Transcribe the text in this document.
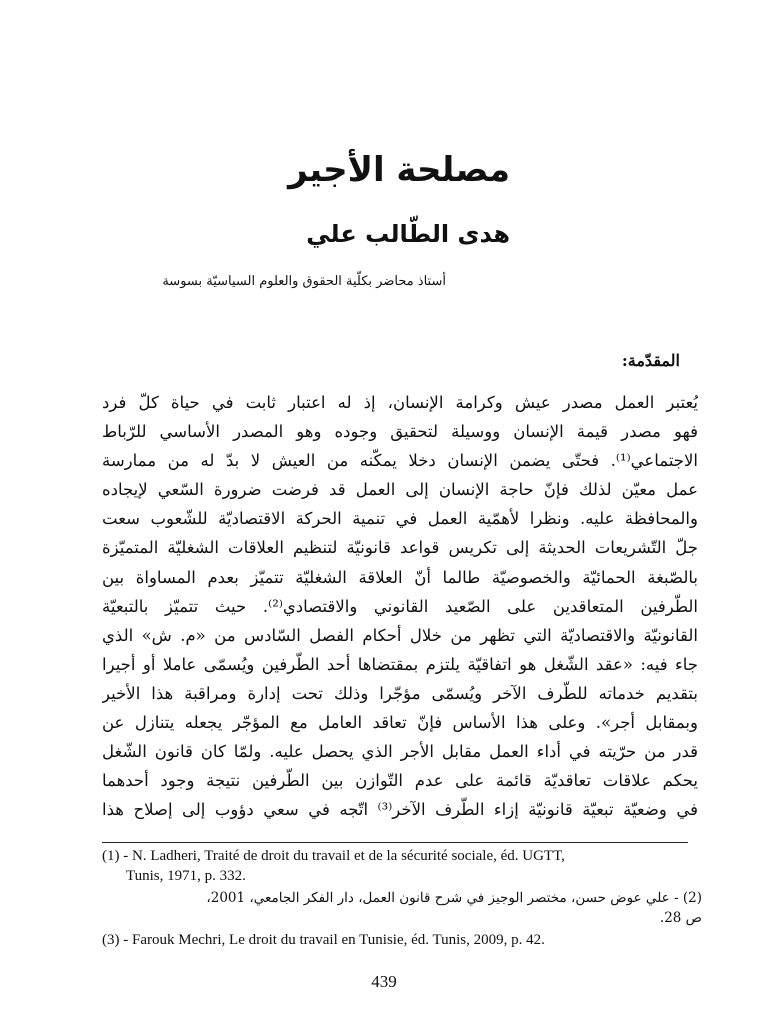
مصلحة الأجير
هدى الطّالب علي

أستاذ محاضر بكلّية الحقوق والعلوم السياسيّة بسوسة

المقدّمة:
يُعتبر العمل مصدر عيش وكرامة الإنسان، إذ له اعتبار ثابت في حياة كلّ فرد
فهو مصدر قيمة الإنسان ووسيلة لتحقيق وجوده وهو المصدر الأساسي للرّباط
الاجتماعي⁽¹⁾. فحتّى يضمن الإنسان دخلا يمكّنه من العيش لا بدّ له من ممارسة
عمل معيّن لذلك فإنّ حاجة الإنسان إلى العمل قد فرضت ضرورة السّعي لإيجاده
والمحافظة عليه. ونظرا لأهمّية العمل في تنمية الحركة الاقتصاديّة للشّعوب سعت
جلّ التّشريعات الحديثة إلى تكريس قواعد قانونيّة لتنظيم العلاقات الشغليّة المتميّزة
بالصّبغة الحمائيّة والخصوصيّة طالما أنّ العلاقة الشغليّة تتميّز بعدم المساواة بين
الطّرفين المتعاقدين على الصّعيد القانوني والاقتصادي⁽²⁾. حيث تتميّز بالتبعيّة
القانونيّة والاقتصاديّة التي تظهر من خلال أحكام الفصل السّادس من «م. ش» الذي
جاء فيه: «عقد الشّغل هو اتفاقيّة يلتزم بمقتضاها أحد الطّرفين ويُسمّى عاملا أو أجيرا
بتقديم خدماته للطّرف الآخر ويُسمّى مؤجّرا وذلك تحت إدارة ومراقبة هذا الأخير
وبمقابل أجر». وعلى هذا الأساس فإنّ تعاقد العامل مع المؤجّر يجعله يتنازل عن
قدر من حرّيته في أداء العمل مقابل الأجر الذي يحصل عليه. ولمّا كان قانون الشّغل
يحكم علاقات تعاقديّة قائمة على عدم التّوازن بين الطّرفين نتيجة وجود أحدهما
في وضعيّة تبعيّة قانونيّة إزاء الطّرف الآخر⁽³⁾ اتّجه في سعي دؤوب إلى إصلاح هذا

(1) - N. Ladheri, Traité de droit du travail et de la sécurité sociale, éd. UGTT,
Tunis, 1971, p. 332.

(2) - علي عوض حسن، مختصر الوجيز في شرح قانون العمل، دار الفكر الجامعي، 2001،
ص 28.

(3) - Farouk Mechri, Le droit du travail en Tunisie, éd. Tunis, 2009, p. 42.

439
